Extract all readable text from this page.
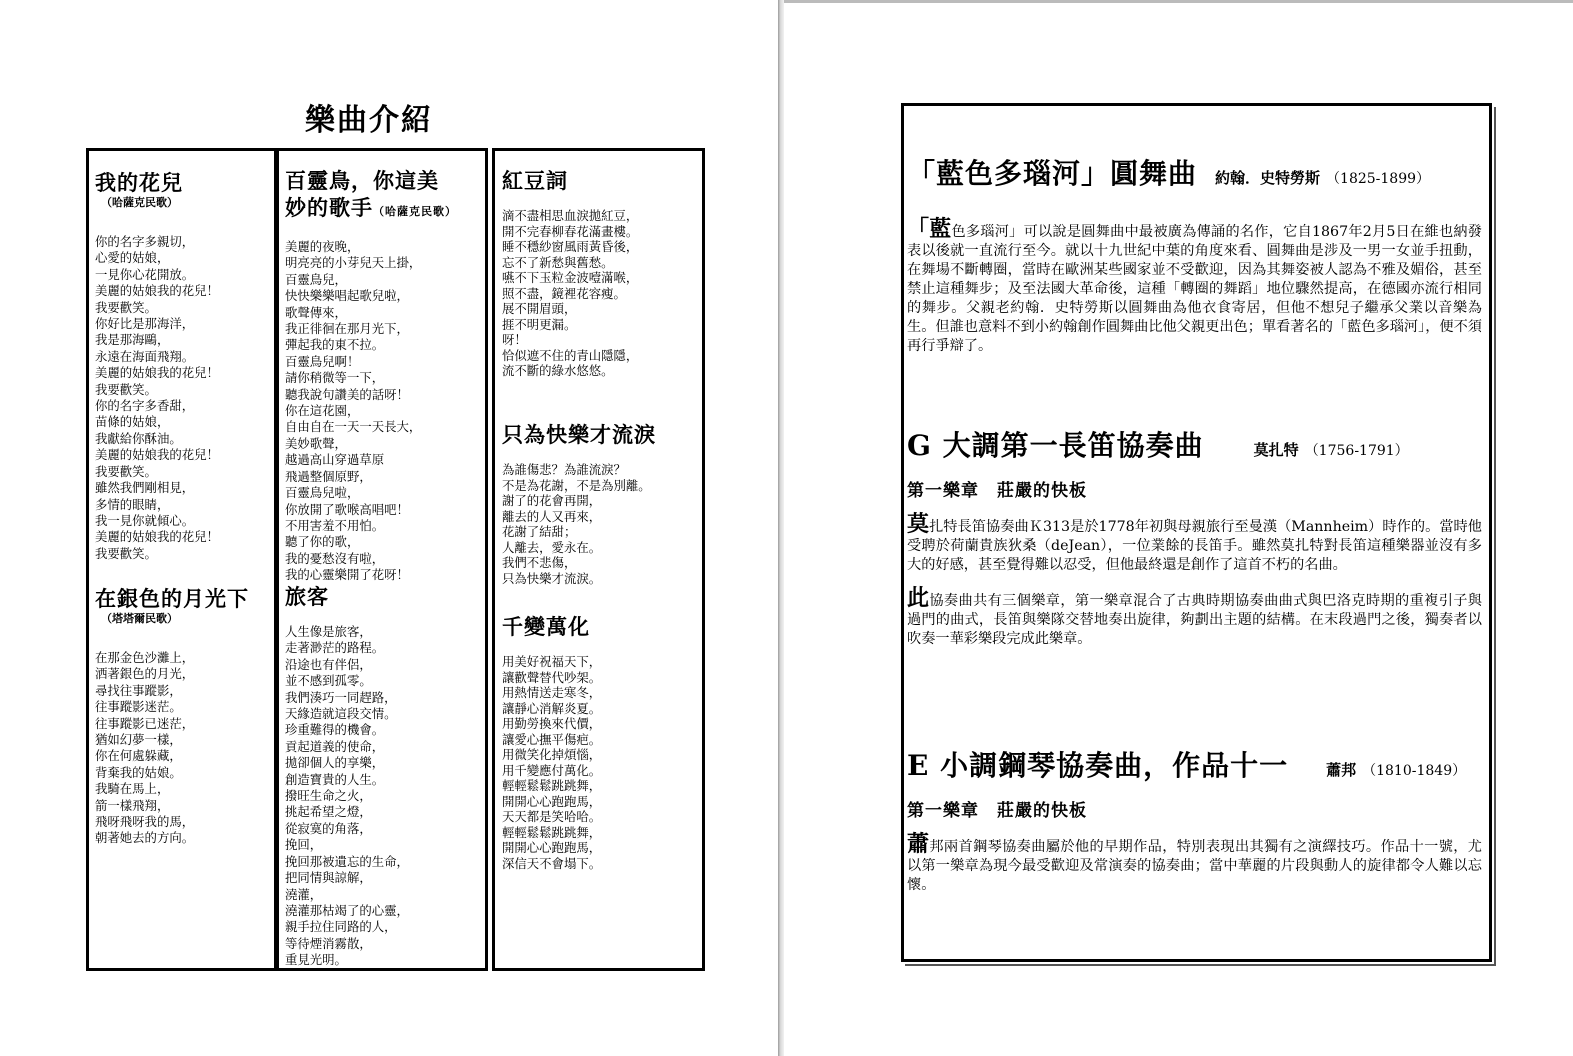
樂曲介紹
我的花兒
（哈薩克民歌）
你的名字多親切，
心愛的姑娘，
一見你心花開放。
美麗的姑娘我的花兒！
我要歡笑。
你好比是那海洋，
我是那海鷗，
永遠在海面飛翔。
美麗的姑娘我的花兒！
我要歡笑。
你的名字多香甜，
苗條的姑娘，
我獻給你酥油。
美麗的姑娘我的花兒！
我要歡笑。
雖然我們剛相見，
多情的眼睛，
我一見你就傾心。
美麗的姑娘我的花兒！
我要歡笑。
在銀色的月光下
（塔塔爾民歌）
在那金色沙灘上，
洒著銀色的月光，
尋找往事蹤影，
往事蹤影迷茫。
往事蹤影已迷茫，
猶如幻夢一樣，
你在何處躲藏，
背棄我的姑娘。
我騎在馬上，
箭一樣飛翔，
飛呀飛呀我的馬，
朝著她去的方向。
百靈鳥，你這美
妙的歌手（哈薩克民歌）
美麗的夜晚，
明亮亮的小芽兒天上掛，
百靈鳥兒，
快快樂樂唱起歌兒啦，
歌聲傳來，
我正徘徊在那月光下，
彈起我的東不拉。
百靈鳥兒啊！
請你稍微等一下，
聽我說句讚美的話呀！
你在這花園，
自由自在一天一天長大，
美妙歌聲，
越過高山穿過草原
飛過整個原野，
百靈鳥兒啦，
你放開了歌喉高唱吧！
不用害羞不用怕。
聽了你的歌，
我的憂愁沒有啦，
我的心靈樂開了花呀！
旅客
人生像是旅客，
走著渺茫的路程。
沿途也有伴侶，
並不感到孤零。
我們湊巧一同趕路，
天緣造就這段交情。
珍重難得的機會。
貢起道義的使命，
拋卻個人的享樂，
創造寶貴的人生。
撥旺生命之火，
挑起希望之燈，
從寂寞的角落，
挽回，
挽回那被遺忘的生命，
把同情與諒解，
澆灌，
澆灌那枯竭了的心靈，
親手拉住同路的人，
等待煙消霧散，
重見光明。
紅豆詞
滴不盡相思血淚拋紅豆，
開不完春柳春花滿畫樓。
睡不穩紗窗風雨黃昏後，
忘不了新愁與舊愁。
嚥不下玉粒金波噎滿喉，
照不盡，鏡裡花容瘦。
展不開眉頭，
捱不明更漏。
呀！
恰似遮不住的青山隱隱，
流不斷的綠水悠悠。
只為快樂才流淚
為誰傷悲？為誰流淚？
不是為花謝，不是為別離。
謝了的花會再開，
離去的人又再來，
花謝了結甜；
人離去，愛永在。
我們不悲傷，
只為快樂才流淚。
千變萬化
用美好祝福天下，
讓歡聲替代吵架。
用熱情送走寒冬，
讓靜心消解炎夏。
用勤勞換來代價，
讓愛心撫平傷疤。
用微笑化掉煩惱，
用千變應付萬化。
輕輕鬆鬆跳跳舞，
開開心心跑跑馬，
天天都是笑哈哈。
輕輕鬆鬆跳跳舞，
開開心心跑跑馬，
深信天不會塌下。
「藍色多瑙河」圓舞曲 約翰．史特勞斯 （1825-1899）
「藍色多瑙河」可以說是圓舞曲中最被廣為傳誦的名作，它自1867年2月5日在維也納發表以後就一直流行至今。就以十九世紀中葉的角度來看、圓舞曲是涉及一男一女並手扭動，在舞場不斷轉圈，當時在歐洲某些國家並不受歡迎，因為其舞姿被人認為不雅及媚俗，甚至禁止這種舞步；及至法國大革命後，這種「轉圈的舞蹈」地位驟然提高，在德國亦流行相同的舞步。父親老約翰．史特勞斯以圓舞曲為他衣食寄居，但他不想兒子繼承父業以音樂為生。但誰也意料不到小約翰創作圓舞曲比他父親更出色；單看著名的「藍色多瑙河」，便不須再行爭辯了。
G 大調第一長笛協奏曲	莫扎特 （1756-1791）
第一樂章　莊嚴的快板
莫扎特長笛協奏曲Ｋ313是於1778年初與母親旅行至曼漢（Mannheim）時作的。當時他受聘於荷蘭貴族狄桑（deJean），一位業餘的長笛手。雖然莫扎特對長笛這種樂器並沒有多大的好感，甚至覺得難以忍受，但他最終還是創作了這首不朽的名曲。
此協奏曲共有三個樂章，第一樂章混合了古典時期協奏曲曲式與巴洛克時期的重複引子與過門的曲式，長笛與樂隊交替地奏出旋律，夠劃出主題的結構。在末段過門之後，獨奏者以吹奏一華彩樂段完成此樂章。
E 小調鋼琴協奏曲，作品十一	蕭邦 （1810-1849）
第一樂章　莊嚴的快板
蕭邦兩首鋼琴協奏曲屬於他的早期作品，特別表現出其獨有之演繹技巧。作品十一號，尤以第一樂章為現今最受歡迎及常演奏的協奏曲；當中華麗的片段與動人的旋律都令人難以忘懷。
